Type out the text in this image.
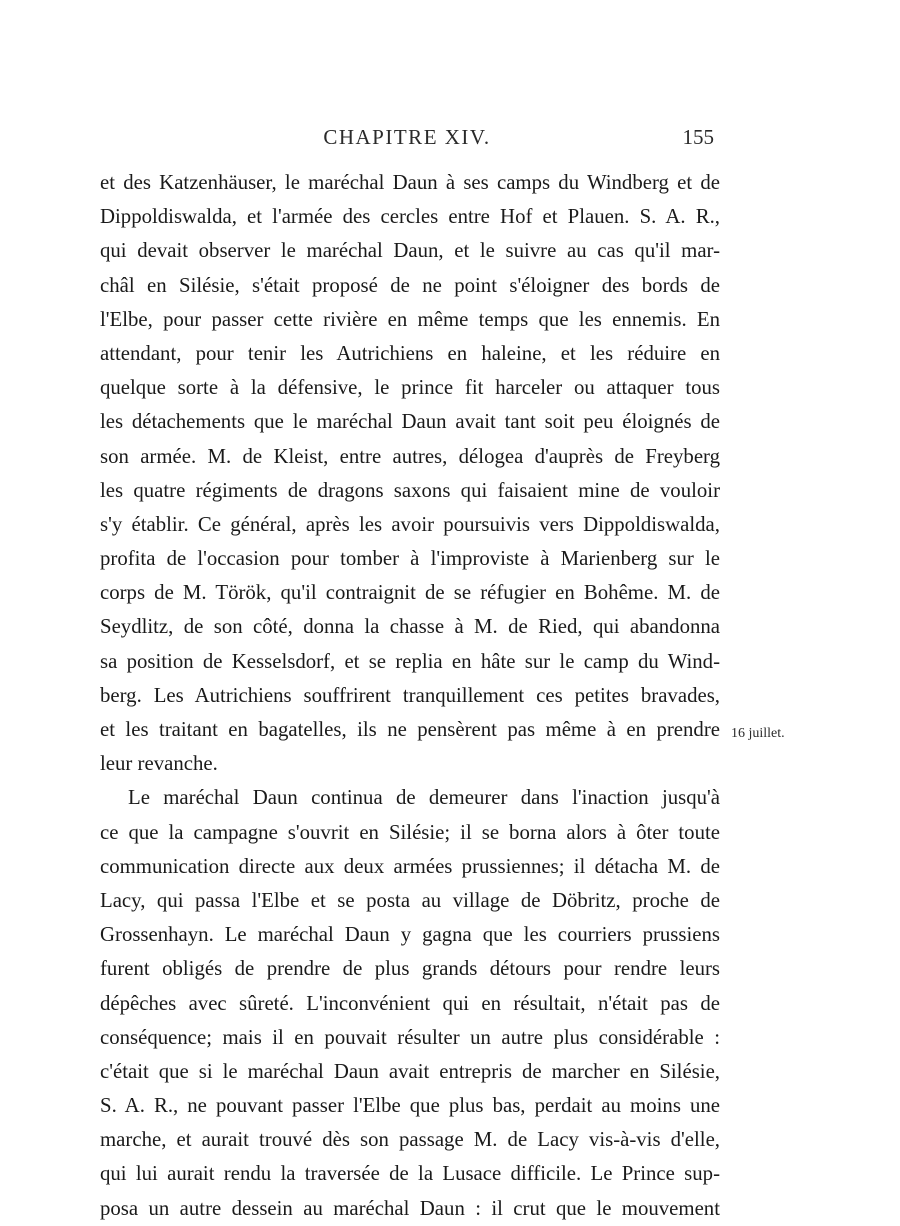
CHAPITRE XIV.	155
et des Katzenhäuser, le maréchal Daun à ses camps du Windberg et de
Dippoldiswalda, et l'armée des cercles entre Hof et Plauen. S. A. R.,
qui devait observer le maréchal Daun, et le suivre au cas qu'il mar-
châl en Silésie, s'était proposé de ne point s'éloigner des bords de
l'Elbe, pour passer cette rivière en même temps que les ennemis. En
attendant, pour tenir les Autrichiens en haleine, et les réduire en
quelque sorte à la défensive, le prince fit harceler ou attaquer tous
les détachements que le maréchal Daun avait tant soit peu éloignés de
son armée. M. de Kleist, entre autres, délogea d'auprès de Freyberg
les quatre régiments de dragons saxons qui faisaient mine de vouloir
s'y établir. Ce général, après les avoir poursuivis vers Dippoldiswalda,
profita de l'occasion pour tomber à l'improviste à Marienberg sur le
corps de M. Török, qu'il contraignit de se réfugier en Bohême. M. de
Seydlitz, de son côté, donna la chasse à M. de Ried, qui abandonna
sa position de Kesselsdorf, et se replia en hâte sur le camp du Wind-
berg. Les Autrichiens souffrirent tranquillement ces petites bravades,
et les traitant en bagatelles, ils ne pensèrent pas même à en prendre
leur revanche.
Le maréchal Daun continua de demeurer dans l'inaction jusqu'à
ce que la campagne s'ouvrit en Silésie; il se borna alors à ôter toute
communication directe aux deux armées prussiennes; il détacha M. de
Lacy, qui passa l'Elbe et se posta au village de Döbritz, proche de
Grossenhayn. Le maréchal Daun y gagna que les courriers prussiens
furent obligés de prendre de plus grands détours pour rendre leurs
dépêches avec sûreté. L'inconvénient qui en résultait, n'était pas de
conséquence; mais il en pouvait résulter un autre plus considérable :
c'était que si le maréchal Daun avait entrepris de marcher en Silésie,
S. A. R., ne pouvant passer l'Elbe que plus bas, perdait au moins une
marche, et aurait trouvé dès son passage M. de Lacy vis-à-vis d'elle,
qui lui aurait rendu la traversée de la Lusace difficile. Le Prince sup-
posa un autre dessein au maréchal Daun : il crut que le mouvement
16 juillet.
